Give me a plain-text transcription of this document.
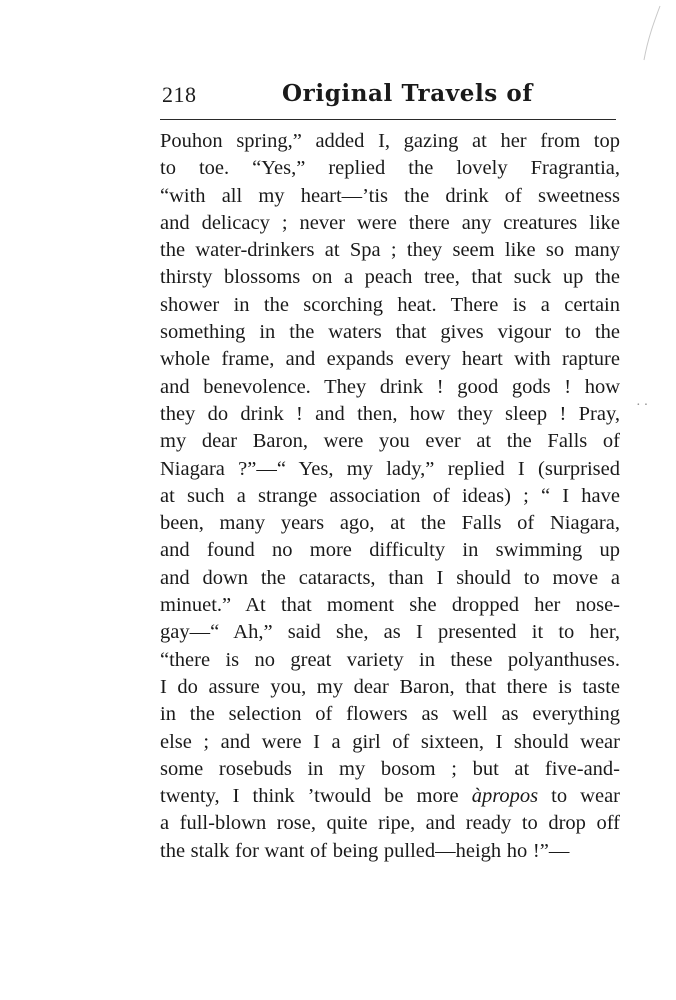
218	Original Travels of
Pouhon spring,” added I, gazing at her from top
to toe. “Yes,” replied the lovely Fragrantia,
“with all my heart—’tis the drink of sweetness
and delicacy ; never were there any creatures like
the water-drinkers at Spa ; they seem like so many
thirsty blossoms on a peach tree, that suck up the
shower in the scorching heat. There is a certain
something in the waters that gives vigour to the
whole frame, and expands every heart with rapture
and benevolence. They drink ! good gods ! how
they do drink ! and then, how they sleep ! Pray,
my dear Baron, were you ever at the Falls of
Niagara ?”—“ Yes, my lady,” replied I (surprised
at such a strange association of ideas) ; “ I have
been, many years ago, at the Falls of Niagara,
and found no more difficulty in swimming up
and down the cataracts, than I should to move a
minuet.” At that moment she dropped her nose-
gay—“ Ah,” said she, as I presented it to her,
“there is no great variety in these polyanthuses.
I do assure you, my dear Baron, that there is taste
in the selection of flowers as well as everything
else ; and were I a girl of sixteen, I should wear
some rosebuds in my bosom ; but at five-and-
twenty, I think ’twould be more àpropos to wear
a full-blown rose, quite ripe, and ready to drop off
the stalk for want of being pulled—heigh ho !”—
··
